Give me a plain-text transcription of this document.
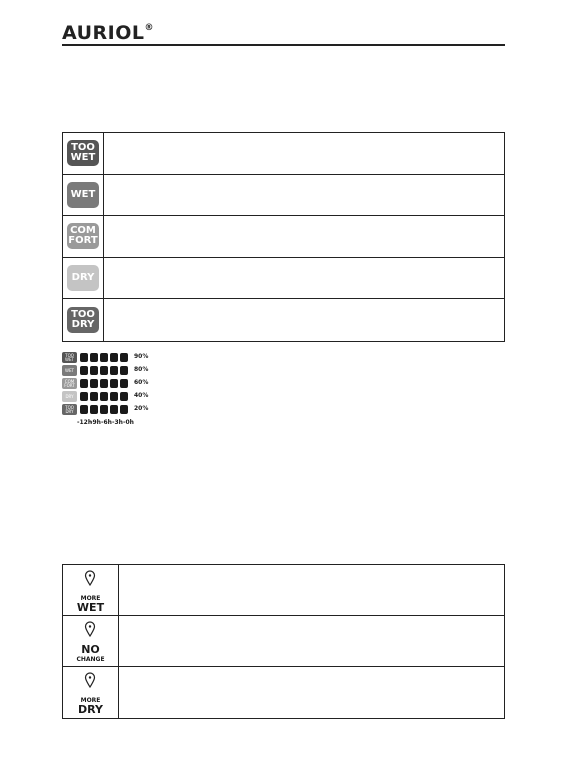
AURIOL®
TOO
WET
WET
COM
FORT
DRY
TOO
DRY
TOO
WET	90%
WET	80%
COM
FORT	60%
DRY	40%
TOO
DRY	20%
-12h
-9h -6h -3h -0h
MORE
WET
NO
CHANGE
MORE
DRY
